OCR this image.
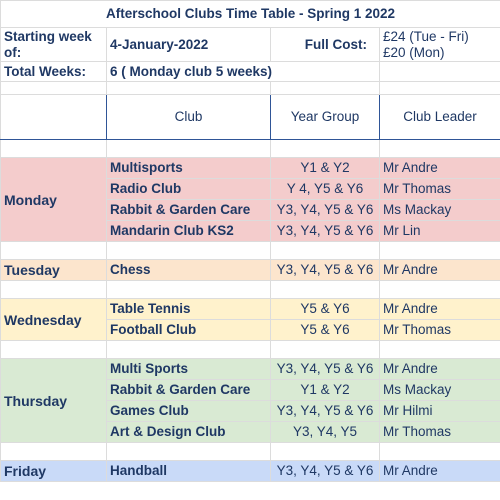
Afterschool Clubs Time Table - Spring 1 2022			
Starting week of:	4-January-2022	Full Cost:	£24 (Tue - Fri)
£20 (Mon)

Total Weeks:	6 ( Monday club 5 weeks)		

	Club	Year Group	Club Leader

Monday	Multisports	Y1 & Y2	Mr Andre
	Radio Club	Y 4, Y5 & Y6	Mr Thomas
	Rabbit & Garden Care	Y3, Y4, Y5 & Y6	Ms Mackay
	Mandarin Club KS2	Y3, Y4, Y5 & Y6	Mr Lin

Tuesday	Chess	Y3, Y4, Y5 & Y6	Mr Andre

Wednesday	Table Tennis	Y5 & Y6	Mr Andre
	Football Club	Y5 & Y6	Mr Thomas

Thursday	Multi Sports	Y3, Y4, Y5 & Y6	Mr Andre
	Rabbit & Garden Care	Y1 & Y2	Ms Mackay
	Games Club	Y3, Y4, Y5 & Y6	Mr Hilmi
	Art & Design Club	Y3, Y4, Y5	Mr Thomas

Friday	Handball	Y3, Y4, Y5 & Y6	Mr Andre
